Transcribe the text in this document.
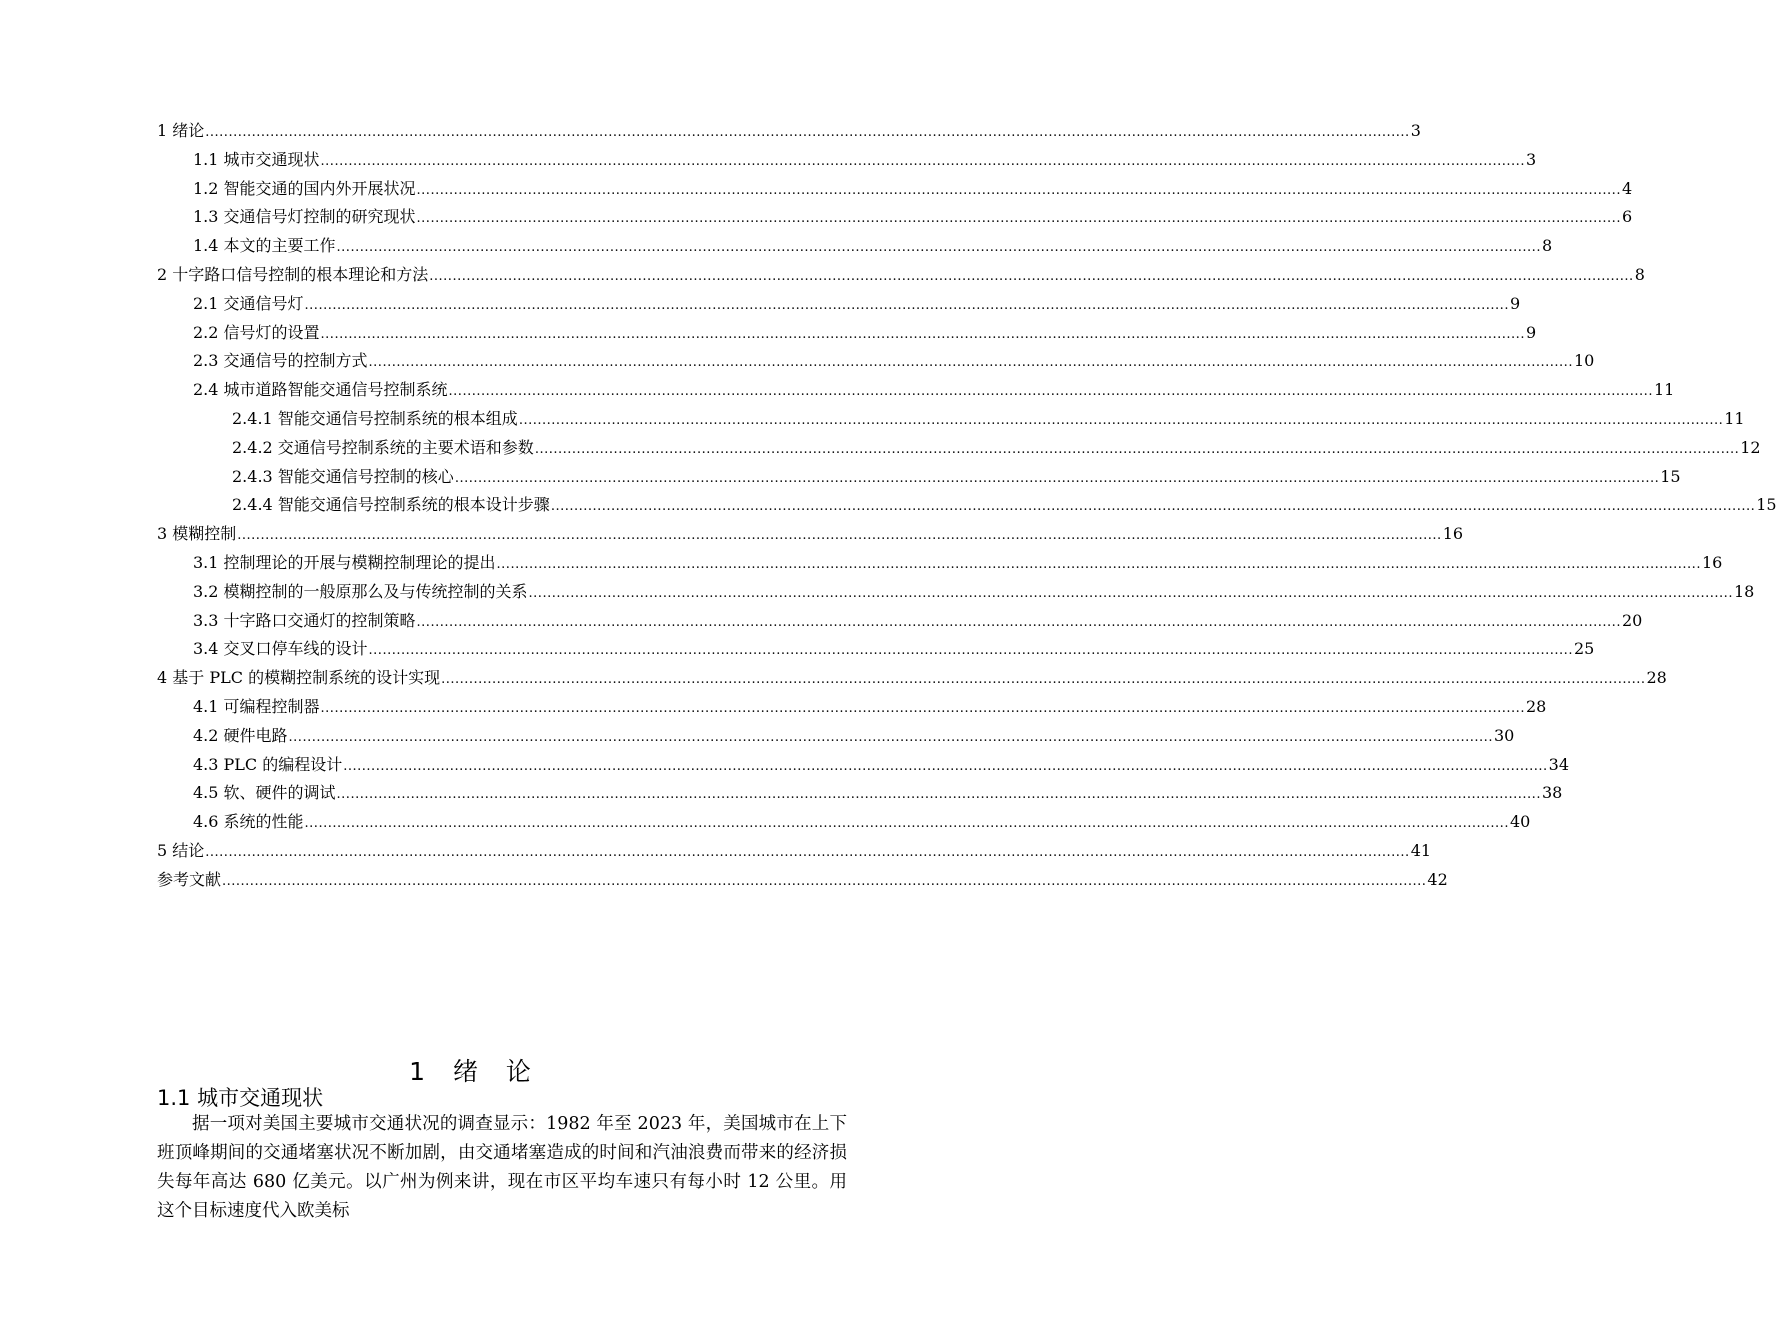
1 绪论 .................................................................................................................................................................................................................................................................... 3
1.1 城市交通现状 .................................................................................................................................................................................................................................................................... 3
1.2 智能交通的国内外开展状况 .................................................................................................................................................................................................................................................................... 4
1.3 交通信号灯控制的研究现状 .................................................................................................................................................................................................................................................................... 6
1.4 本文的主要工作 .................................................................................................................................................................................................................................................................... 8
2 十字路口信号控制的根本理论和方法 .................................................................................................................................................................................................................................................................... 8
2.1 交通信号灯 .................................................................................................................................................................................................................................................................... 9
2.2 信号灯的设置 .................................................................................................................................................................................................................................................................... 9
2.3 交通信号的控制方式 .................................................................................................................................................................................................................................................................... 10
2.4 城市道路智能交通信号控制系统 .................................................................................................................................................................................................................................................................... 11
2.4.1 智能交通信号控制系统的根本组成 .................................................................................................................................................................................................................................................................... 11
2.4.2 交通信号控制系统的主要术语和参数 .................................................................................................................................................................................................................................................................... 12
2.4.3 智能交通信号控制的核心 .................................................................................................................................................................................................................................................................... 15
2.4.4 智能交通信号控制系统的根本设计步骤 .................................................................................................................................................................................................................................................................... 15
3 模糊控制 .................................................................................................................................................................................................................................................................... 16
3.1 控制理论的开展与模糊控制理论的提出 .................................................................................................................................................................................................................................................................... 16
3.2 模糊控制的一般原那么及与传统控制的关系 .................................................................................................................................................................................................................................................................... 18
3.3 十字路口交通灯的控制策略 .................................................................................................................................................................................................................................................................... 20
3.4 交叉口停车线的设计 .................................................................................................................................................................................................................................................................... 25
4 基于 PLC 的模糊控制系统的设计实现 .................................................................................................................................................................................................................................................................... 28
4.1 可编程控制器 .................................................................................................................................................................................................................................................................... 28
4.2 硬件电路 .................................................................................................................................................................................................................................................................... 30
4.3 PLC 的编程设计 .................................................................................................................................................................................................................................................................... 34
4.5 软、硬件的调试 .................................................................................................................................................................................................................................................................... 38
4.6 系统的性能 .................................................................................................................................................................................................................................................................... 40
5 结论 .................................................................................................................................................................................................................................................................... 41
参考文献 .................................................................................................................................................................................................................................................................... 42
1 绪 论
1.1 城市交通现状
据一项对美国主要城市交通状况的调查显示：1982 年至 2023 年，美国城市在上下班顶峰期间的交通堵塞状况不断加剧，由交通堵塞造成的时间和汽油浪费而带来的经济损失每年高达 680 亿美元。以广州为例来讲，现在市区平均车速只有每小时 12 公里。用这个目标速度代入欧美标
